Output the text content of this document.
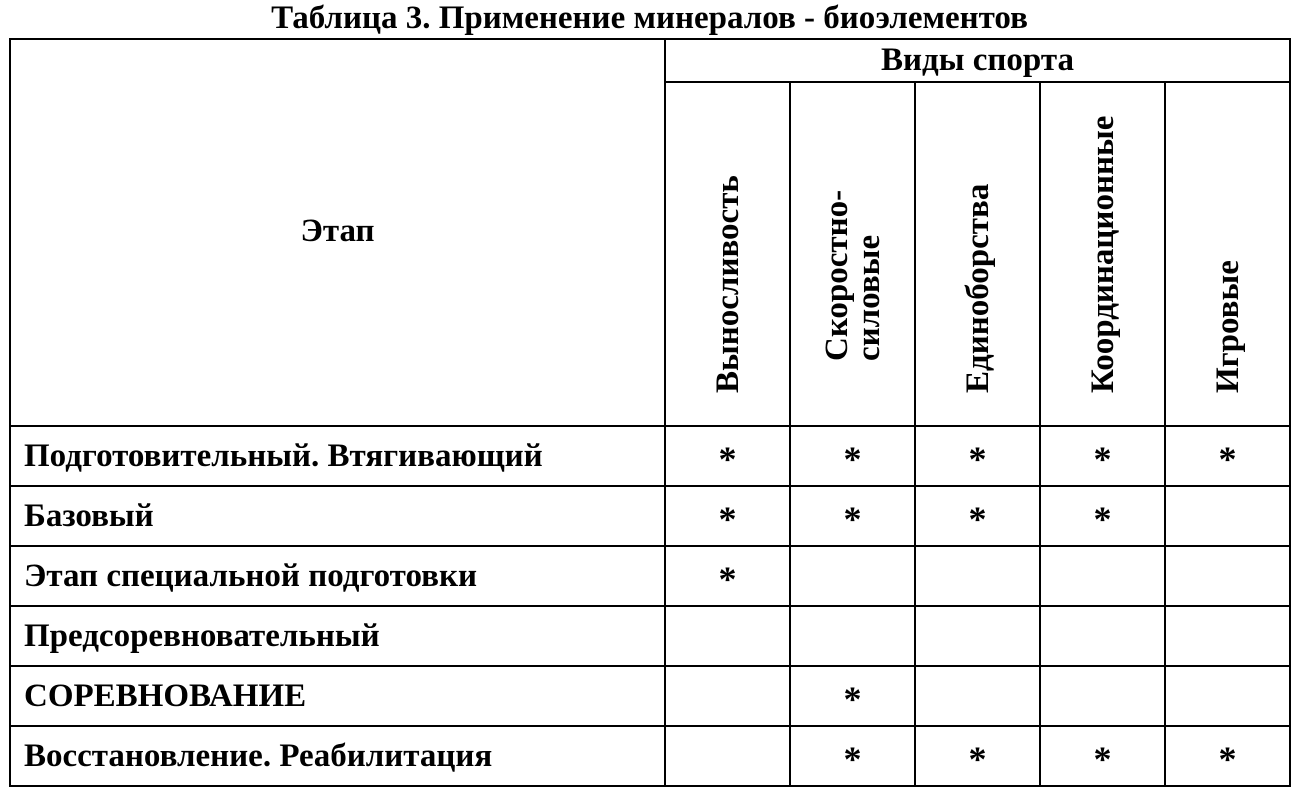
Таблица 3. Применение минералов - биоэлементов
Этап	Виды спорта				

	Выносливость	Скоростно-
силовые	Единоборства	Координационные	Игровые

Подготовительный. Втягивающий	*	*	*	*	*
Базовый	*	*	*	*	
Этап специальной подготовки	*				
Предсоревновательный					
СОРЕВНОВАНИЕ		*			
Восстановление. Реабилитация		*	*	*	*
